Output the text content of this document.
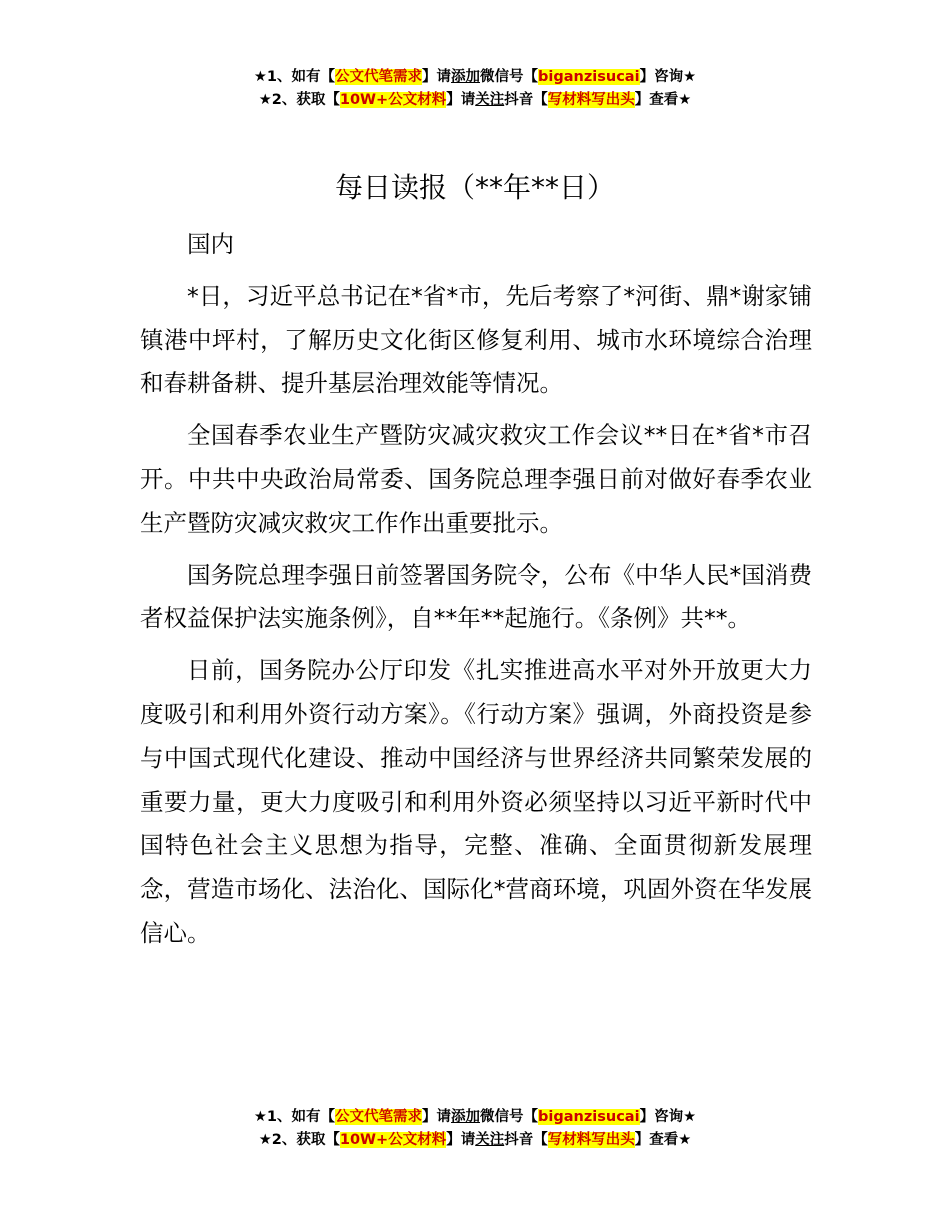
★1、如有【公文代笔需求】请添加微信号【biganzisucai】咨询★
★2、获取【10W+公文材料】请关注抖音【写材料写出头】查看★
每日读报（**年**日）

国内

*日，习近平总书记在*省*市，先后考察了*河街、鼎*谢家铺镇港中坪村，了解历史文化街区修复利用、城市水环境综合治理和春耕备耕、提升基层治理效能等情况。

全国春季农业生产暨防灾减灾救灾工作会议**日在*省*市召开。中共中央政治局常委、国务院总理李强日前对做好春季农业生产暨防灾减灾救灾工作作出重要批示。

国务院总理李强日前签署国务院令，公布《中华人民*国消费者权益保护法实施条例》，自**年**起施行。《条例》共**。

日前，国务院办公厅印发《扎实推进高水平对外开放更大力度吸引和利用外资行动方案》。《行动方案》强调，外商投资是参与中国式现代化建设、推动中国经济与世界经济共同繁荣发展的重要力量，更大力度吸引和利用外资必须坚持以习近平新时代中国特色社会主义思想为指导，完整、准确、全面贯彻新发展理念，营造市场化、法治化、国际化*营商环境，巩固外资在华发展信心。

★1、如有【公文代笔需求】请添加微信号【biganzisucai】咨询★
★2、获取【10W+公文材料】请关注抖音【写材料写出头】查看★
